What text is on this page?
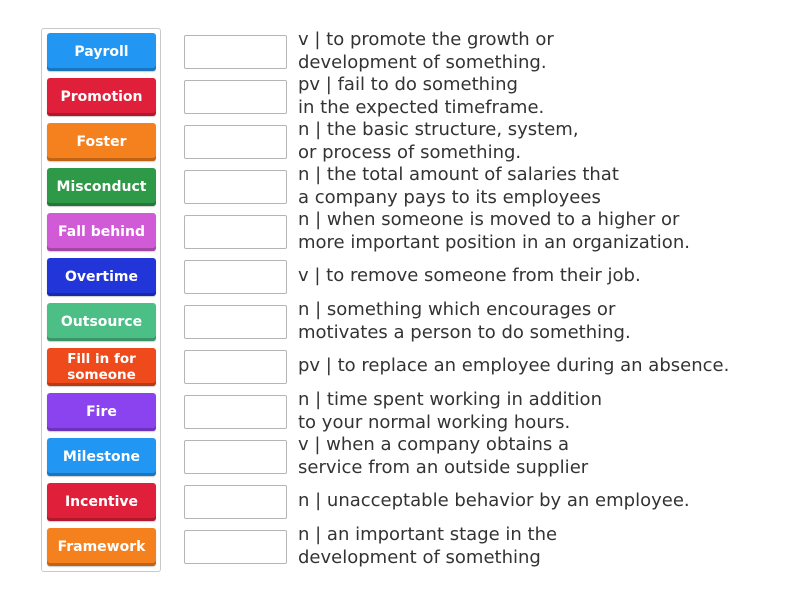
Payroll
Promotion
Foster
Misconduct
Fall behind
Overtime
Outsource
Fill in for
someone
Fire
Milestone
Incentive
Framework
v | to promote the growth or
development of something.
pv | fail to do something
in the expected timeframe.
n | the basic structure, system,
or process of something.
n | the total amount of salaries that
a company pays to its employees
n | when someone is moved to a higher or
more important position in an organization.
v | to remove someone from their job.
n | something which encourages or
motivates a person to do something.
pv | to replace an employee during an absence.
n | time spent working in addition
to your normal working hours.
v | when a company obtains a
service from an outside supplier
n | unacceptable behavior by an employee.
n | an important stage in the
development of something
